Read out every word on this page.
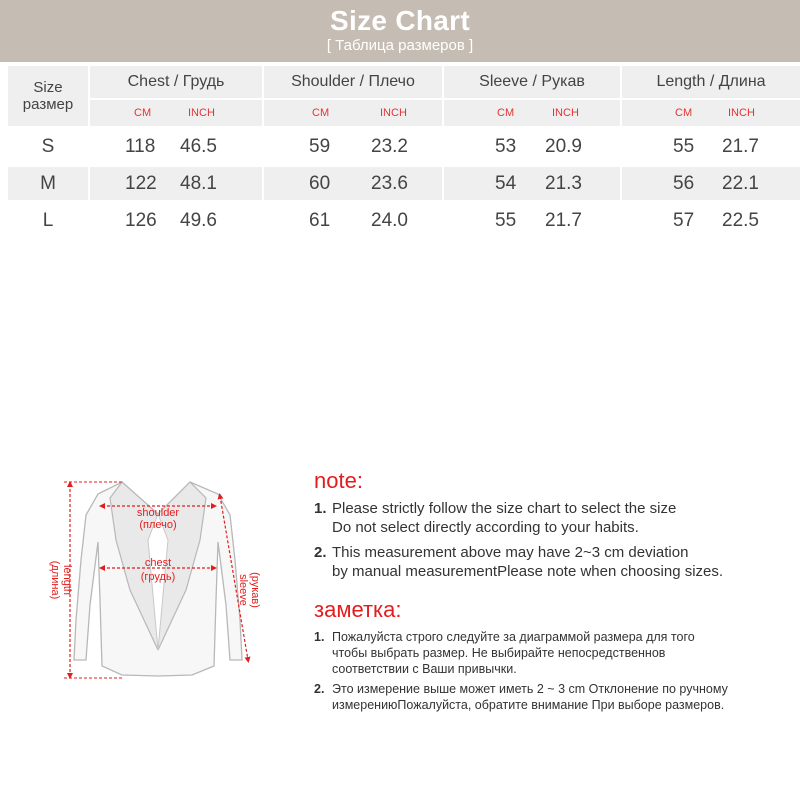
Size Chart
[ Таблица размеров ]
Size
размер
Chest / Грудь
CM	INCH
Shoulder / Плечо
CM	INCH
Sleeve / Рукав
CM	INCH
Length / Длина
CM	INCH
S	118 46.5	59 23.2	53 20.9	55 21.7
M	122 48.1	60 23.6	54 21.3	56 22.1
L	126 49.6	61 24.0	55 21.7	57 22.5
shoulder
(плечо)
chest
(грудь)
length
(длина)	sleeve (рукав)
note:
1. Please strictly follow the size chart to select the size
Do not select directly according to your habits.
2. This measurement above may have 2~3 cm deviation
by manual measurementPlease note when choosing sizes.
заметка:
1. Пожалуйста строго следуйте за диаграммой размера для того
чтобы выбрать размер. Не выбирайте непосредственнов
соответствии с Ваши привычки.
2. Это измерение выше может иметь 2 ~ 3 cm Отклонение по ручному
измерениюПожалуйста, обратите внимание При выборе размеров.
